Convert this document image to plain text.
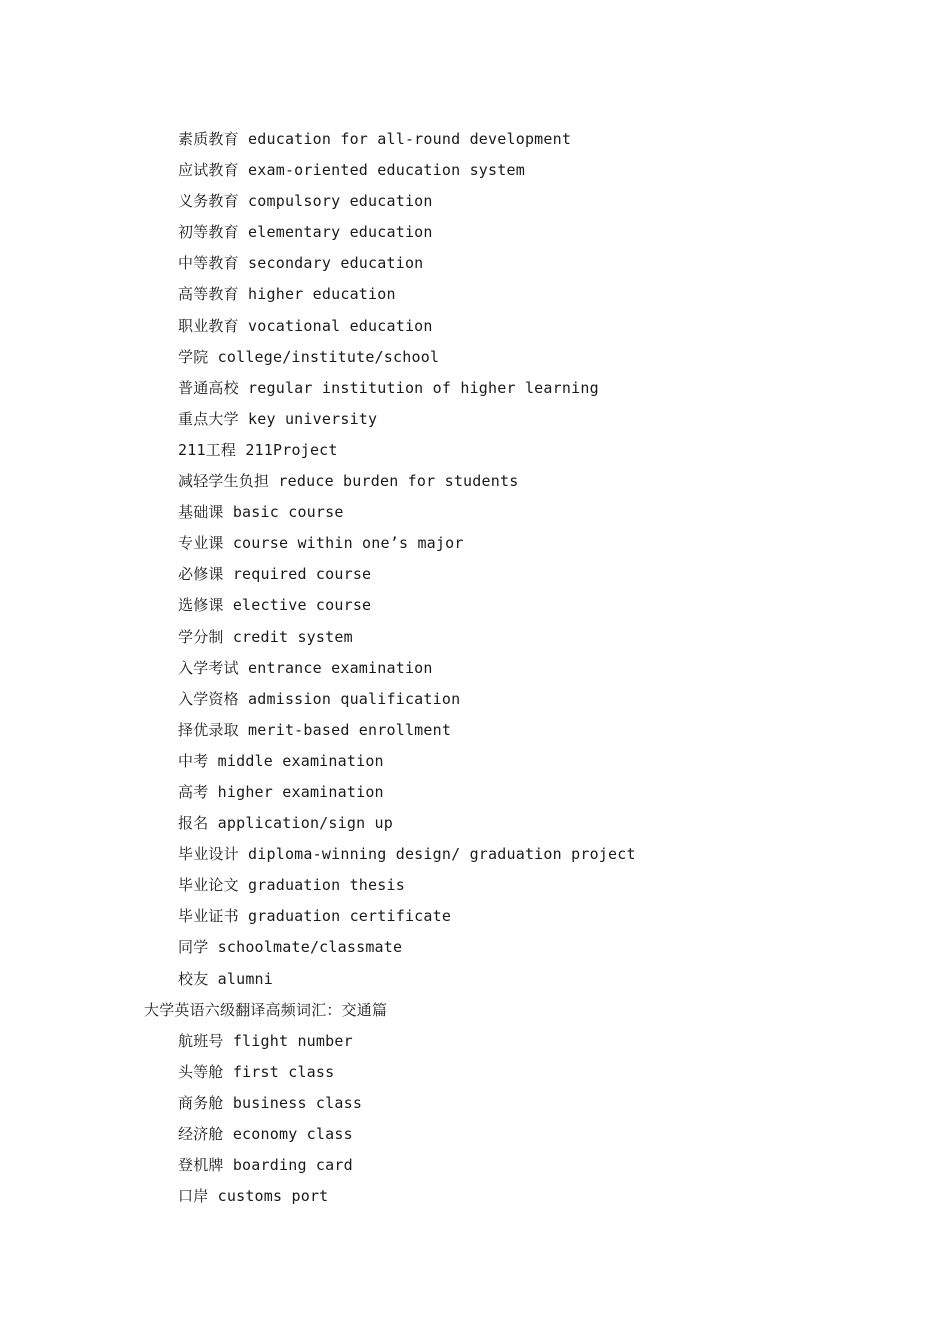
素质教育 education for all-round development
应试教育 exam-oriented education system
义务教育 compulsory education
初等教育 elementary education
中等教育 secondary education
高等教育 higher education
职业教育 vocational education
学院 college/institute/school
普通高校 regular institution of higher learning
重点大学 key university
211工程 211Project
减轻学生负担 reduce burden for students
基础课 basic course
专业课 course within one’s major
必修课 required course
选修课 elective course
学分制 credit system
入学考试 entrance examination
入学资格 admission qualification
择优录取 merit-based enrollment
中考 middle examination
高考 higher examination
报名 application/sign up
毕业设计 diploma-winning design/ graduation project
毕业论文 graduation thesis
毕业证书 graduation certificate
同学 schoolmate/classmate
校友 alumni
大学英语六级翻译高频词汇：交通篇
航班号 flight number
头等舱 first class
商务舱 business class
经济舱 economy class
登机牌 boarding card
口岸 customs port
